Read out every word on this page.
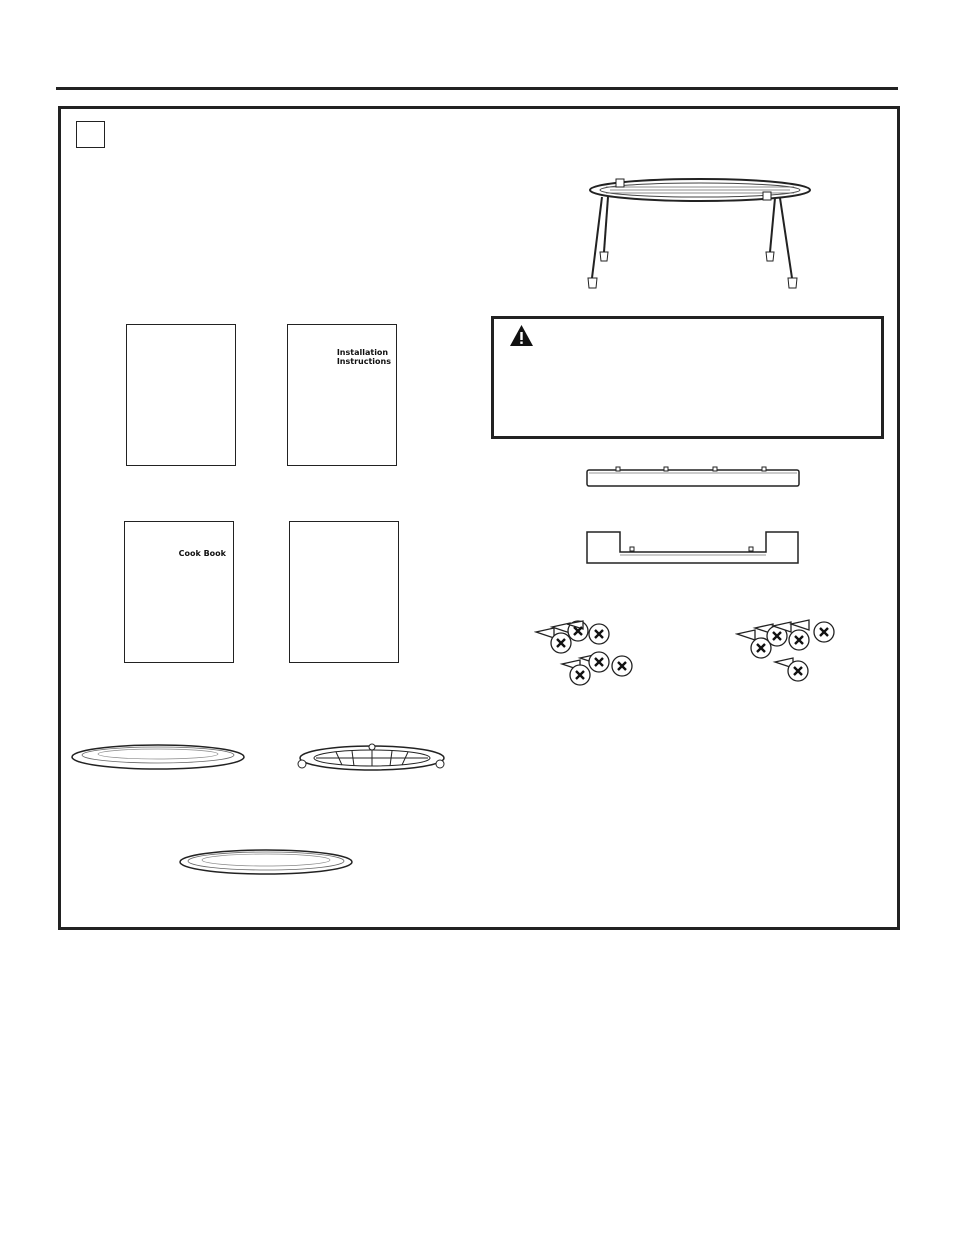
Installation
Instructions
Cook Book
